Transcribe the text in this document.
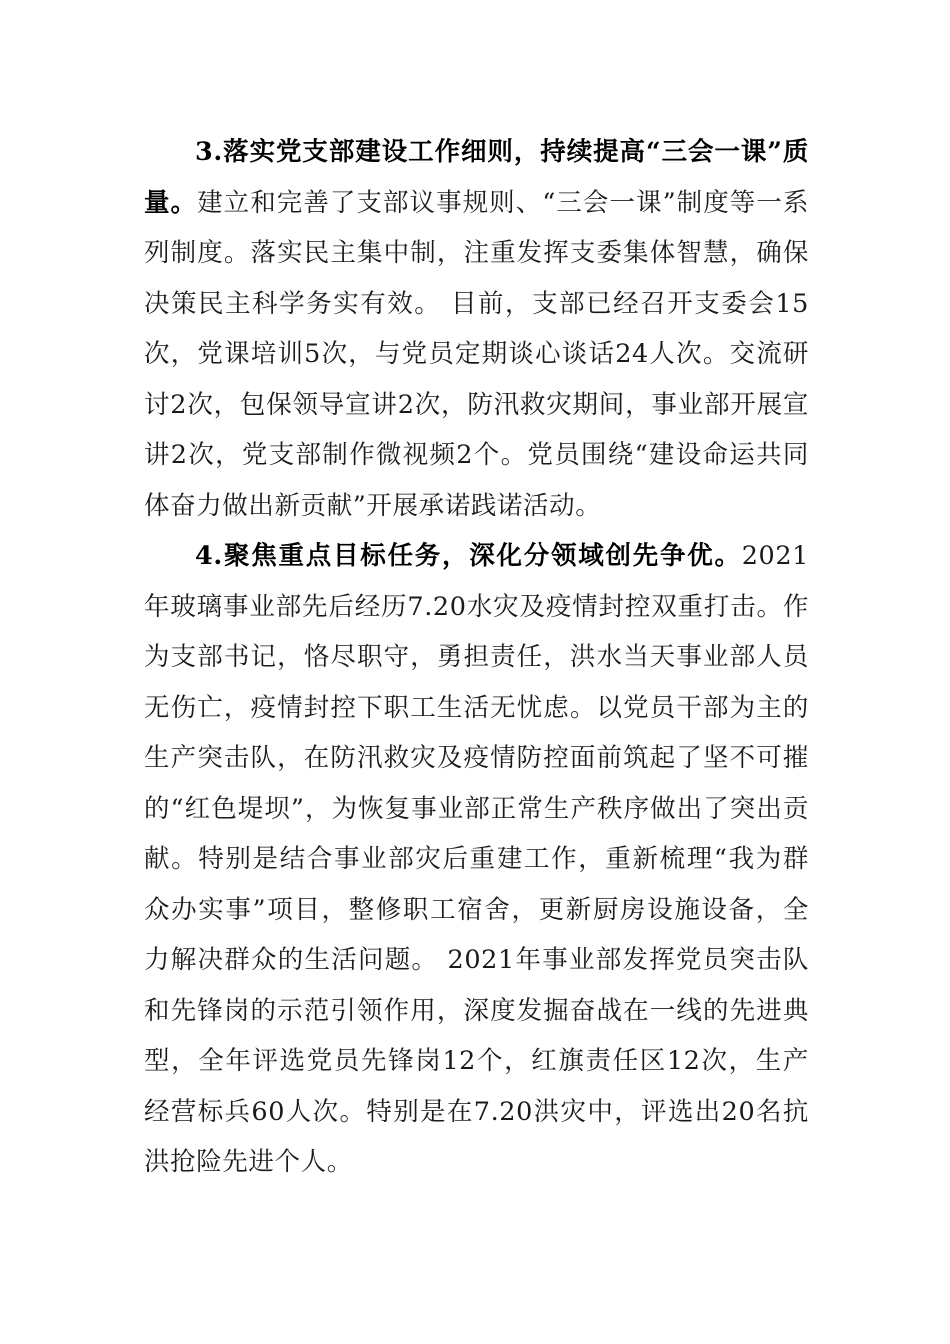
3.落实党支部建设工作细则，持续提高“三会一课”质量。建立和完善了支部议事规则、“三会一课”制度等一系列制度。落实民主集中制，注重发挥支委集体智慧，确保决策民主科学务实有效。 目前，支部已经召开支委会15次，党课培训5次，与党员定期谈心谈话24人次。交流研讨2次，包保领导宣讲2次，防汛救灾期间，事业部开展宣讲2次，党支部制作微视频2个。党员围绕“建设命运共同体奋力做出新贡献”开展承诺践诺活动。

4.聚焦重点目标任务，深化分领域创先争优。2021年玻璃事业部先后经历7.20水灾及疫情封控双重打击。作为支部书记，恪尽职守，勇担责任，洪水当天事业部人员无伤亡，疫情封控下职工生活无忧虑。以党员干部为主的生产突击队，在防汛救灾及疫情防控面前筑起了坚不可摧的“红色堤坝”，为恢复事业部正常生产秩序做出了突出贡献。特别是结合事业部灾后重建工作，重新梳理“我为群众办实事”项目，整修职工宿舍，更新厨房设施设备，全力解决群众的生活问题。 2021年事业部发挥党员突击队和先锋岗的示范引领作用，深度发掘奋战在一线的先进典型，全年评选党员先锋岗12个，红旗责任区12次，生产经营标兵60人次。特别是在7.20洪灾中，评选出20名抗洪抢险先进个人。
